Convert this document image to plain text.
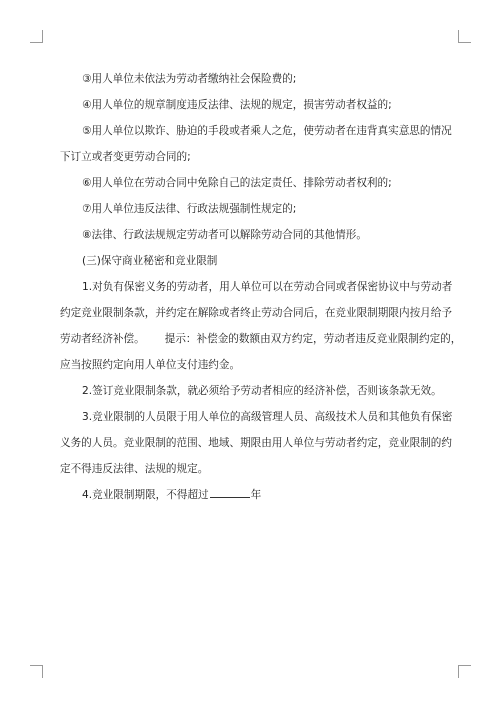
③用人单位未依法为劳动者缴纳社会保险费的;
④用人单位的规章制度违反法律、法规的规定，损害劳动者权益的;
⑤用人单位以欺诈、胁迫的手段或者乘人之危，使劳动者在违背真实意思的情况
下订立或者变更劳动合同的;
⑥用人单位在劳动合同中免除自己的法定责任、排除劳动者权利的;
⑦用人单位违反法律、行政法规强制性规定的;
⑧法律、行政法规规定劳动者可以解除劳动合同的其他情形。
(三)保守商业秘密和竞业限制
1.对负有保密义务的劳动者，用人单位可以在劳动合同或者保密协议中与劳动者
约定竞业限制条款，并约定在解除或者终止劳动合同后，在竞业限制期限内按月给予
劳动者经济补偿。 提示：补偿金的数额由双方约定，劳动者违反竞业限制约定的，
应当按照约定向用人单位支付违约金。
2.签订竞业限制条款，就必须给予劳动者相应的经济补偿，否则该条款无效。
3.竞业限制的人员限于用人单位的高级管理人员、高级技术人员和其他负有保密
义务的人员。竞业限制的范围、地域、期限由用人单位与劳动者约定，竞业限制的约
定不得违反法律、法规的规定。
4.竞业限制期限，不得超过	年
